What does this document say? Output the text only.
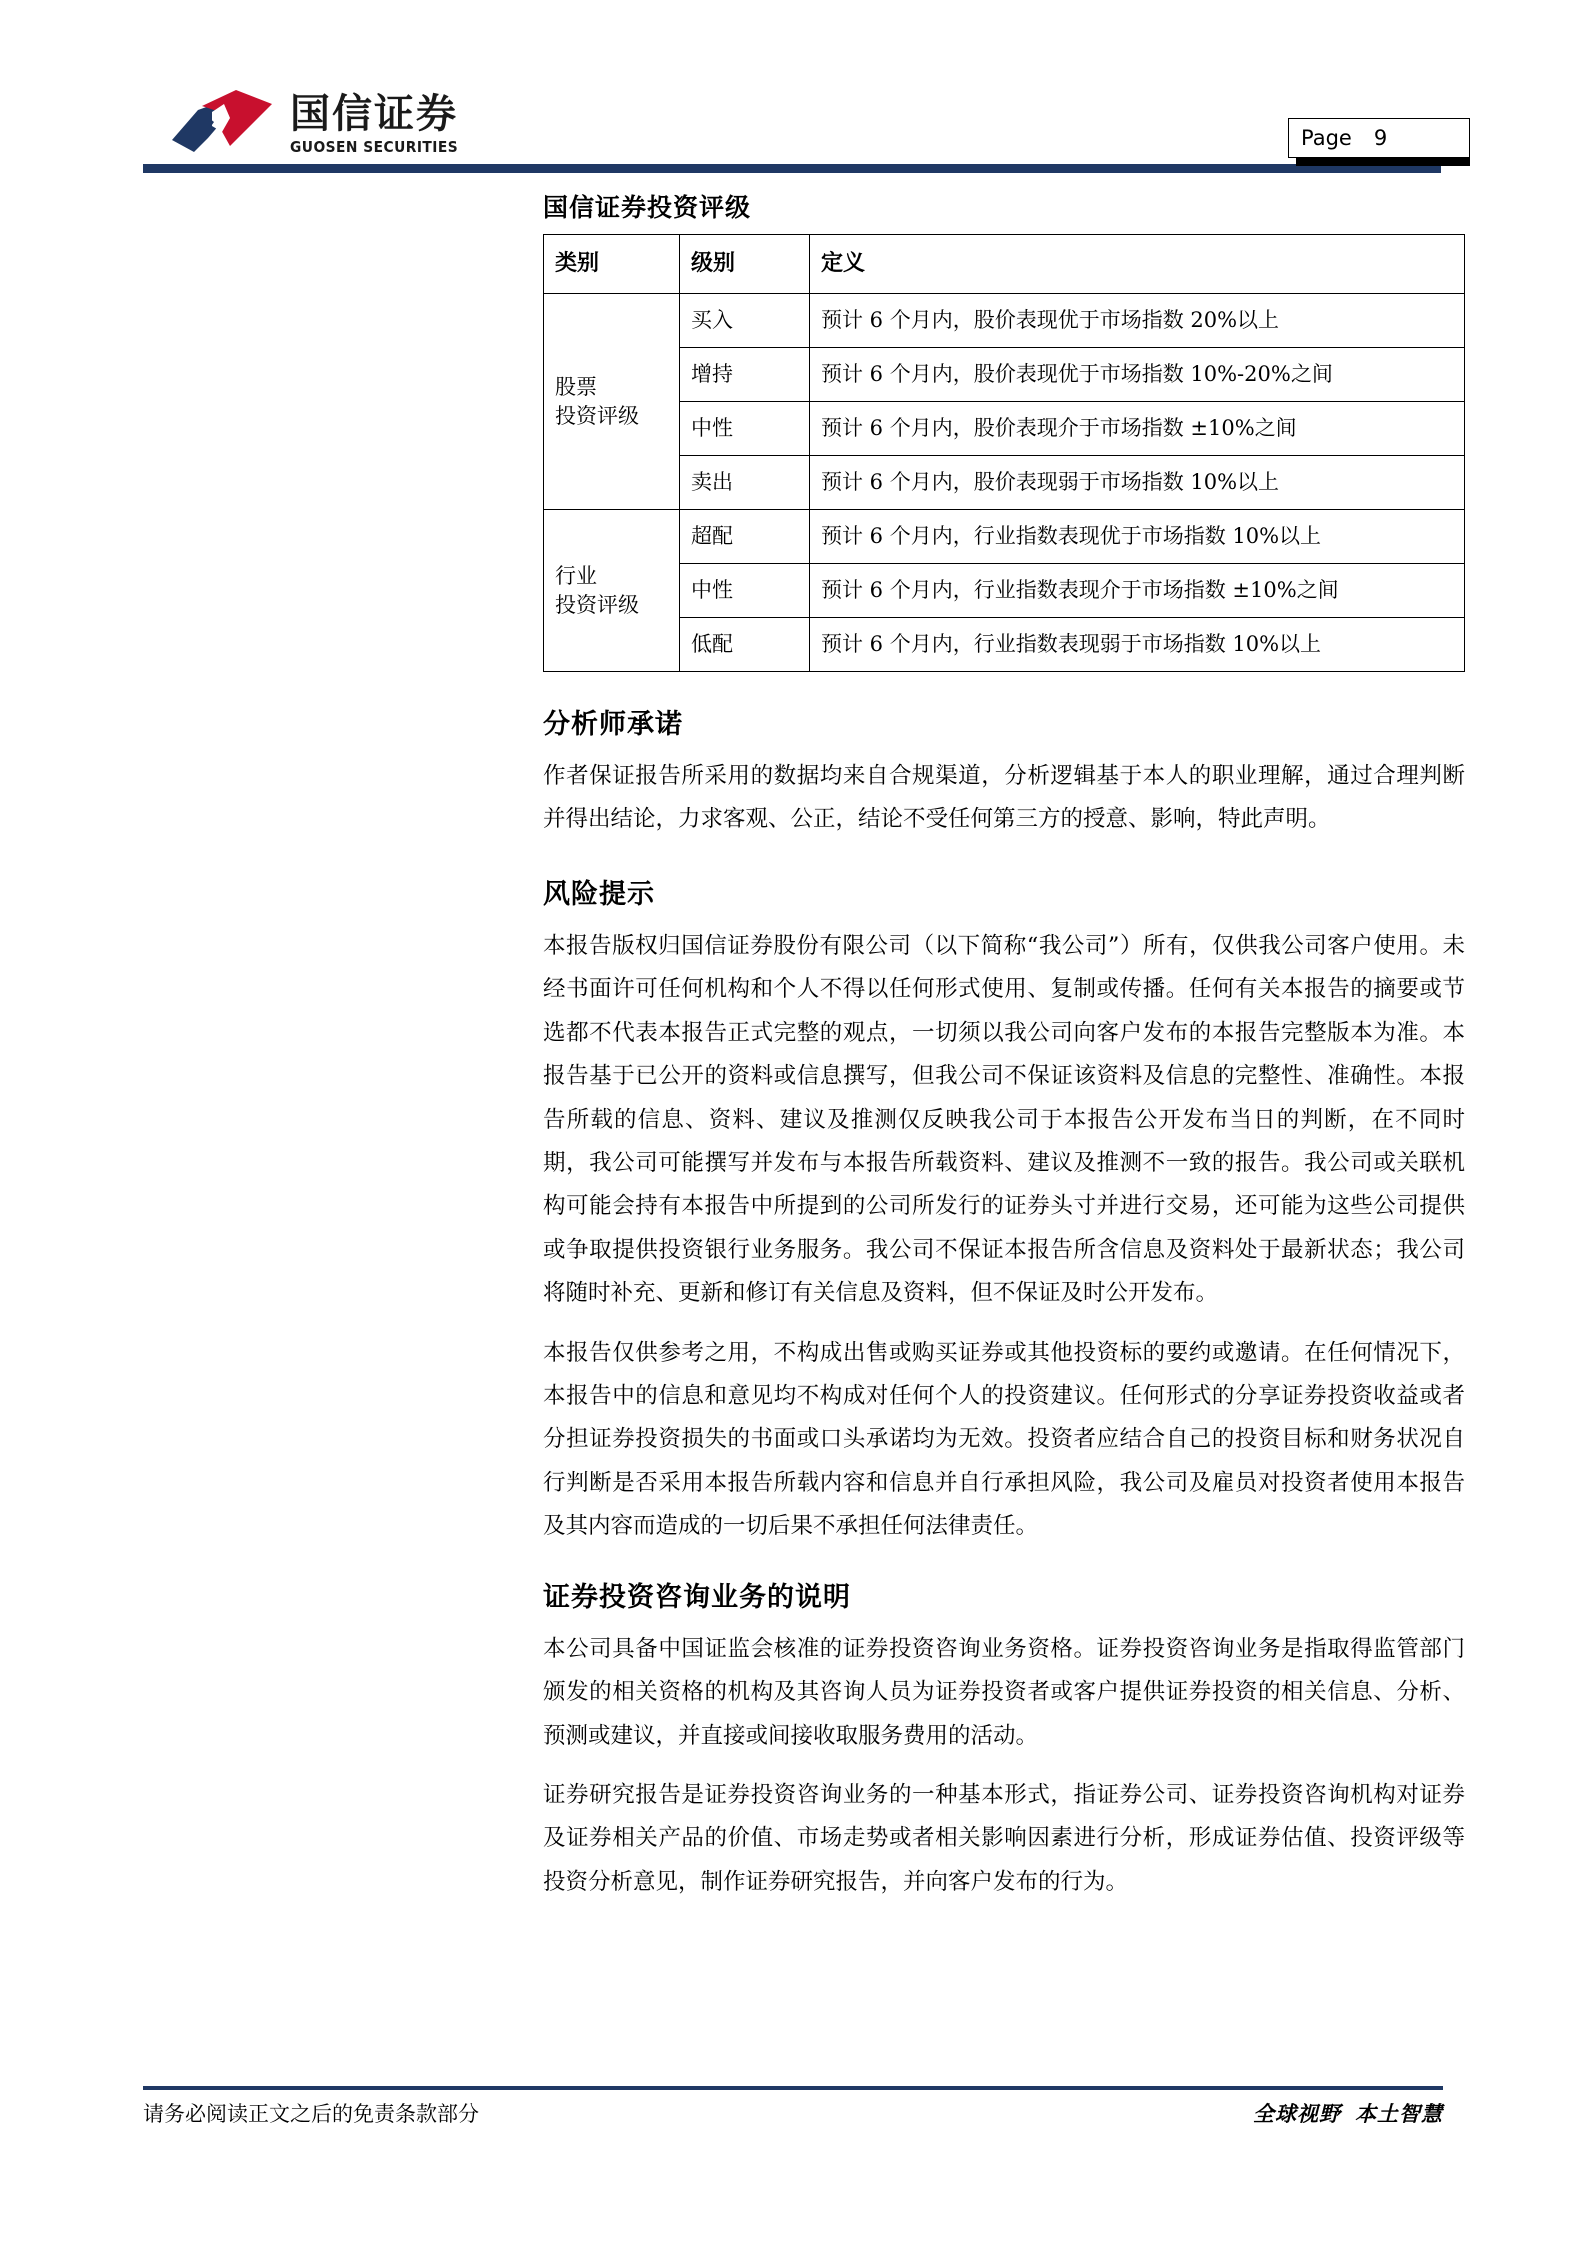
国信证券
GUOSEN SECURITIES	Page 9
国信证券投资评级
类别	级别	定义
股票
投资评级	买入	预计 6 个月内，股价表现优于市场指数 20%以上
	增持	预计 6 个月内，股价表现优于市场指数 10%-20%之间
	中性	预计 6 个月内，股价表现介于市场指数 ±10%之间
	卖出	预计 6 个月内，股价表现弱于市场指数 10%以上
行业
投资评级	超配	预计 6 个月内，行业指数表现优于市场指数 10%以上
	中性	预计 6 个月内，行业指数表现介于市场指数 ±10%之间
	低配	预计 6 个月内，行业指数表现弱于市场指数 10%以上
分析师承诺

作者保证报告所采用的数据均来自合规渠道，分析逻辑基于本人的职业理解，通过合理判断并得出结论，力求客观、公正，结论不受任何第三方的授意、影响，特此声明。

风险提示

本报告版权归国信证券股份有限公司（以下简称“我公司”）所有，仅供我公司客户使用。未经书面许可任何机构和个人不得以任何形式使用、复制或传播。任何有关本报告的摘要或节选都不代表本报告正式完整的观点，一切须以我公司向客户发布的本报告完整版本为准。本报告基于已公开的资料或信息撰写，但我公司不保证该资料及信息的完整性、准确性。本报告所载的信息、资料、建议及推测仅反映我公司于本报告公开发布当日的判断，在不同时期，我公司可能撰写并发布与本报告所载资料、建议及推测不一致的报告。我公司或关联机构可能会持有本报告中所提到的公司所发行的证券头寸并进行交易，还可能为这些公司提供或争取提供投资银行业务服务。我公司不保证本报告所含信息及资料处于最新状态；我公司将随时补充、更新和修订有关信息及资料，但不保证及时公开发布。

本报告仅供参考之用，不构成出售或购买证券或其他投资标的要约或邀请。在任何情况下，本报告中的信息和意见均不构成对任何个人的投资建议。任何形式的分享证券投资收益或者分担证券投资损失的书面或口头承诺均为无效。投资者应结合自己的投资目标和财务状况自行判断是否采用本报告所载内容和信息并自行承担风险，我公司及雇员对投资者使用本报告及其内容而造成的一切后果不承担任何法律责任。

证券投资咨询业务的说明

本公司具备中国证监会核准的证券投资咨询业务资格。证券投资咨询业务是指取得监管部门颁发的相关资格的机构及其咨询人员为证券投资者或客户提供证券投资的相关信息、分析、预测或建议，并直接或间接收取服务费用的活动。

证券研究报告是证券投资咨询业务的一种基本形式，指证券公司、证券投资咨询机构对证券及证券相关产品的价值、市场走势或者相关影响因素进行分析，形成证券估值、投资评级等投资分析意见，制作证券研究报告，并向客户发布的行为。

请务必阅读正文之后的免责条款部分	全球视野 本土智慧
